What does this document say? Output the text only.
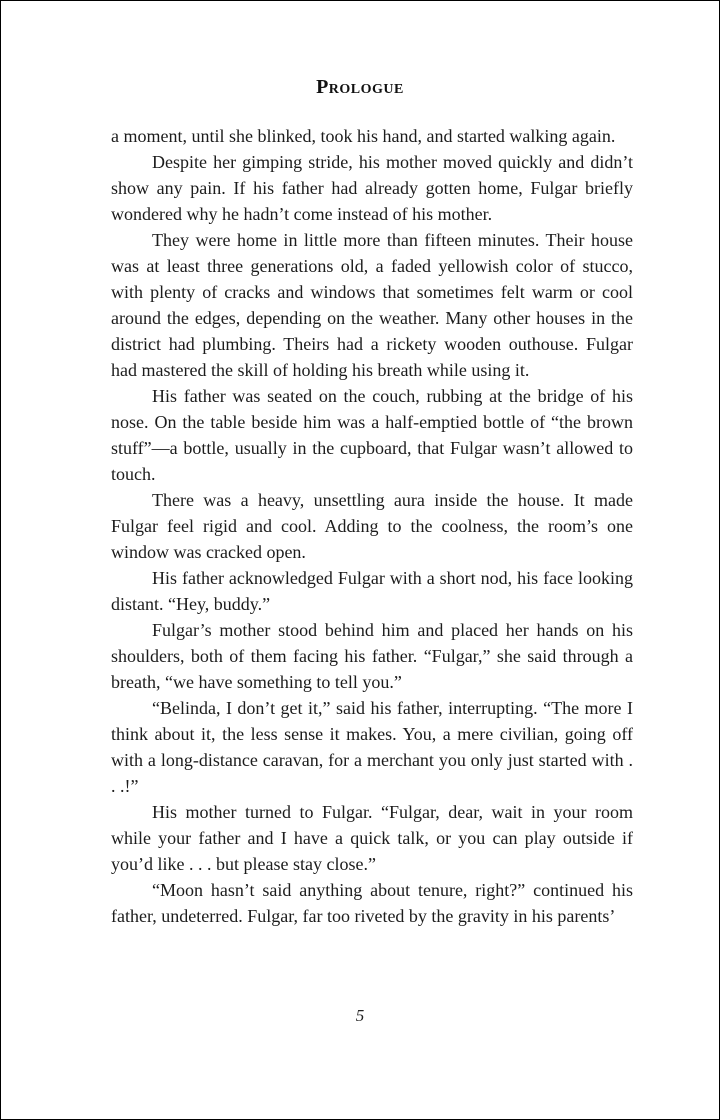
Prologue

a moment, until she blinked, took his hand, and started walking again.

Despite her gimping stride, his mother moved quickly and didn’t show any pain. If his father had already gotten home, Fulgar briefly wondered why he hadn’t come instead of his mother.

They were home in little more than fifteen minutes. Their house was at least three generations old, a faded yellowish color of stucco, with plenty of cracks and windows that sometimes felt warm or cool around the edges, depending on the weather. Many other houses in the district had plumbing. Theirs had a rickety wooden outhouse. Fulgar had mastered the skill of holding his breath while using it.

His father was seated on the couch, rubbing at the bridge of his nose. On the table beside him was a half-emptied bottle of “the brown stuff”—a bottle, usually in the cupboard, that Fulgar wasn’t allowed to touch.

There was a heavy, unsettling aura inside the house. It made Fulgar feel rigid and cool. Adding to the coolness, the room’s one window was cracked open.

His father acknowledged Fulgar with a short nod, his face looking distant. “Hey, buddy.”

Fulgar’s mother stood behind him and placed her hands on his shoulders, both of them facing his father. “Fulgar,” she said through a breath, “we have something to tell you.”

“Belinda, I don’t get it,” said his father, interrupting. “The more I think about it, the less sense it makes. You, a mere civilian, going off with a long-distance caravan, for a merchant you only just started with . . .!”

His mother turned to Fulgar. “Fulgar, dear, wait in your room while your father and I have a quick talk, or you can play outside if you’d like . . . but please stay close.”

“Moon hasn’t said anything about tenure, right?” continued his father, undeterred. Fulgar, far too riveted by the gravity in his parents’

5
